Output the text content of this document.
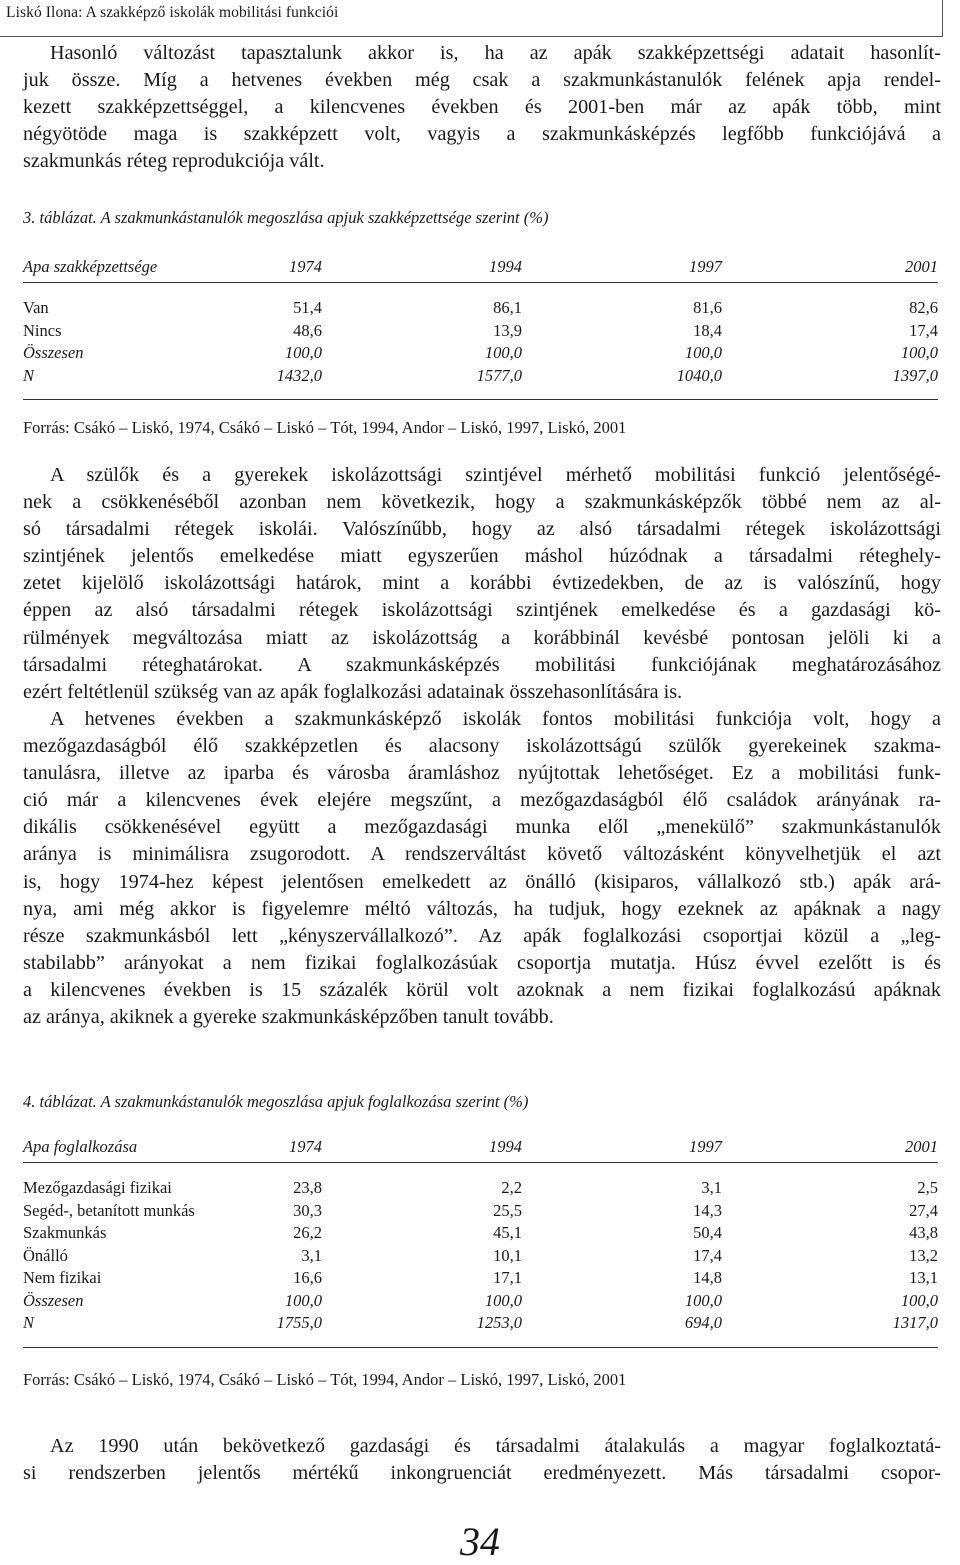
Liskó Ilona: A szakképző iskolák mobilitási funkciói
Hasonló változást tapasztalunk akkor is, ha az apák szakképzettségi adatait hasonlít-
juk össze. Míg a hetvenes években még csak a szakmunkástanulók felének apja rendel-
kezett szakképzettséggel, a kilencvenes években és 2001-ben már az apák több, mint
négyötöde maga is szakképzett volt, vagyis a szakmunkásképzés legfőbb funkciójává a
szakmunkás réteg reprodukciója vált.
3. táblázat. A szakmunkástanulók megoszlása apjuk szakképzettsége szerint (%)
Apa szakképzettsége	1974	1994	1997	2001

Van	51,4	86,1	81,6	82,6
Nincs	48,6	13,9	18,4	17,4
Összesen	100,0	100,0	100,0	100,0
N	1432,0	1577,0	1040,0	1397,0

Forrás: Csákó – Liskó, 1974, Csákó – Liskó – Tót, 1994, Andor – Liskó, 1997, Liskó, 2001
A szülők és a gyerekek iskolázottsági szintjével mérhető mobilitási funkció jelentőségé-
nek a csökkenéséből azonban nem következik, hogy a szakmunkásképzők többé nem az al-
só társadalmi rétegek iskolái. Valószínűbb, hogy az alsó társadalmi rétegek iskolázottsági
szintjének jelentős emelkedése miatt egyszerűen máshol húzódnak a társadalmi réteghely-
zetet kijelölő iskolázottsági határok, mint a korábbi évtizedekben, de az is valószínű, hogy
éppen az alsó társadalmi rétegek iskolázottsági szintjének emelkedése és a gazdasági kö-
rülmények megváltozása miatt az iskolázottság a korábbinál kevésbé pontosan jelöli ki a
társadalmi réteghatárokat. A szakmunkásképzés mobilitási funkciójának meghatározásához
ezért feltétlenül szükség van az apák foglalkozási adatainak összehasonlítására is.
A hetvenes években a szakmunkásképző iskolák fontos mobilitási funkciója volt, hogy a
mezőgazdaságból élő szakképzetlen és alacsony iskolázottságú szülők gyerekeinek szakma-
tanulásra, illetve az iparba és városba áramláshoz nyújtottak lehetőséget. Ez a mobilitási funk-
ció már a kilencvenes évek elejére megszűnt, a mezőgazdaságból élő családok arányának ra-
dikális csökkenésével együtt a mezőgazdasági munka elől „menekülő” szakmunkástanulók
aránya is minimálisra zsugorodott. A rendszerváltást követő változásként könyvelhetjük el azt
is, hogy 1974-hez képest jelentősen emelkedett az önálló (kisiparos, vállalkozó stb.) apák ará-
nya, ami még akkor is figyelemre méltó változás, ha tudjuk, hogy ezeknek az apáknak a nagy
része szakmunkásból lett „kényszervállalkozó”. Az apák foglalkozási csoportjai közül a „leg-
stabilabb” arányokat a nem fizikai foglalkozásúak csoportja mutatja. Húsz évvel ezelőtt is és
a kilencvenes években is 15 százalék körül volt azoknak a nem fizikai foglalkozású apáknak
az aránya, akiknek a gyereke szakmunkásképzőben tanult tovább.
4. táblázat. A szakmunkástanulók megoszlása apjuk foglalkozása szerint (%)
Apa foglalkozása	1974	1994	1997	2001

Mezőgazdasági fizikai	23,8	2,2	3,1	2,5
Segéd-, betanított munkás	30,3	25,5	14,3	27,4
Szakmunkás	26,2	45,1	50,4	43,8
Önálló	3,1	10,1	17,4	13,2
Nem fizikai	16,6	17,1	14,8	13,1
Összesen	100,0	100,0	100,0	100,0
N	1755,0	1253,0	694,0	1317,0

Forrás: Csákó – Liskó, 1974, Csákó – Liskó – Tót, 1994, Andor – Liskó, 1997, Liskó, 2001
Az 1990 után bekövetkező gazdasági és társadalmi átalakulás a magyar foglalkoztatá-
si rendszerben jelentős mértékű inkongruenciát eredményezett. Más társadalmi csopor-
34
